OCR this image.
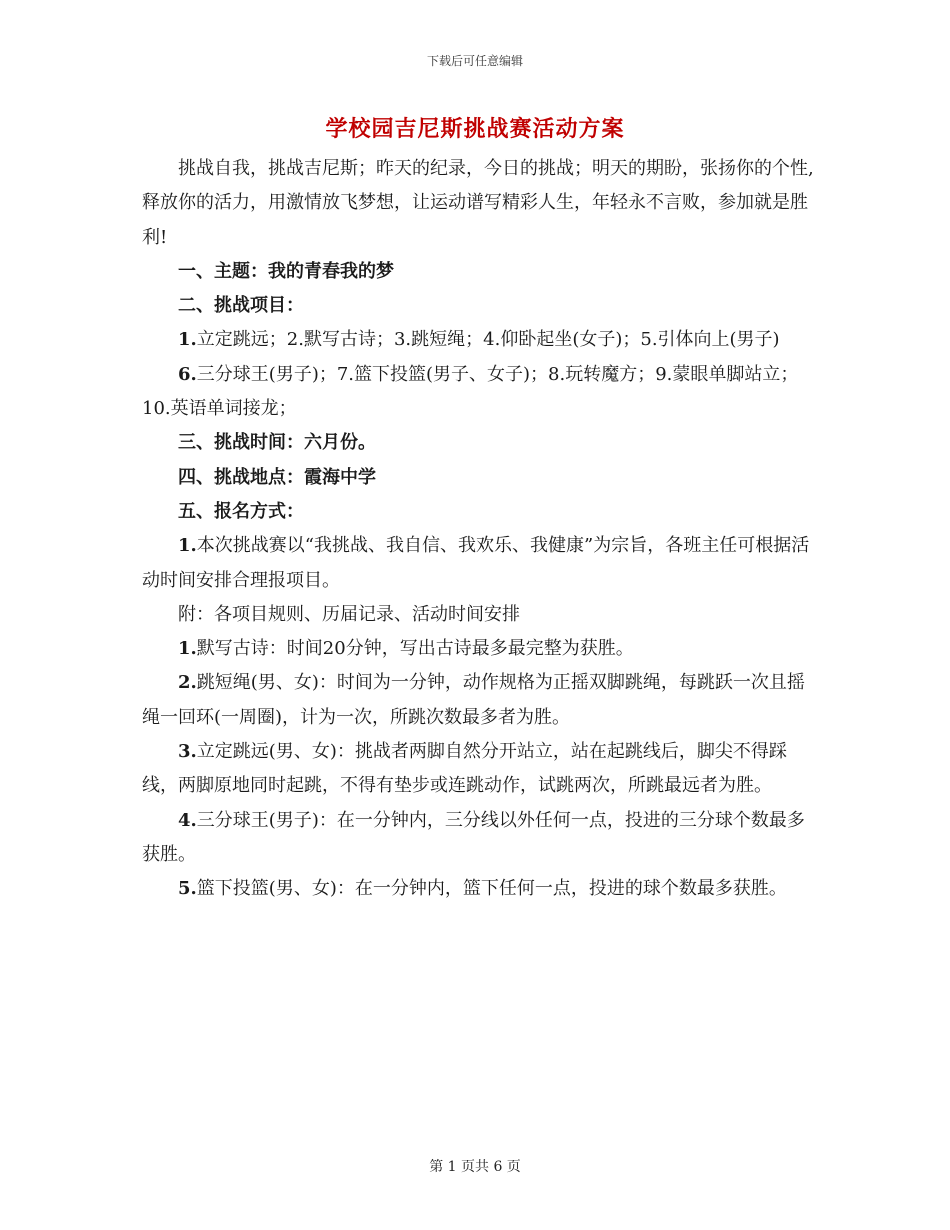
下载后可任意编辑
学校园吉尼斯挑战赛活动方案

挑战自我，挑战吉尼斯；昨天的纪录，今日的挑战；明天的期盼，张扬你的个性,释放你的活力，用激情放飞梦想，让运动谱写精彩人生，年轻永不言败，参加就是胜利!

一、主题：我的青春我的梦

二、挑战项目：

1.立定跳远；2.默写古诗；3.跳短绳；4.仰卧起坐(女子)；5.引体向上(男子)

6.三分球王(男子)；7.篮下投篮(男子、女子)；8.玩转魔方；9.蒙眼单脚站立；10.英语单词接龙；

三、挑战时间：六月份。

四、挑战地点：霞海中学

五、报名方式：

1.本次挑战赛以“我挑战、我自信、我欢乐、我健康”为宗旨，各班主任可根据活动时间安排合理报项目。

附：各项目规则、历届记录、活动时间安排

1.默写古诗：时间20分钟，写出古诗最多最完整为获胜。

2.跳短绳(男、女)：时间为一分钟，动作规格为正摇双脚跳绳，每跳跃一次且摇绳一回环(一周圈)，计为一次，所跳次数最多者为胜。

3.立定跳远(男、女)：挑战者两脚自然分开站立，站在起跳线后，脚尖不得踩线，两脚原地同时起跳，不得有垫步或连跳动作，试跳两次，所跳最远者为胜。

4.三分球王(男子)：在一分钟内，三分线以外任何一点，投进的三分球个数最多获胜。

5.篮下投篮(男、女)：在一分钟内，篮下任何一点，投进的球个数最多获胜。

第 1 页共 6 页
